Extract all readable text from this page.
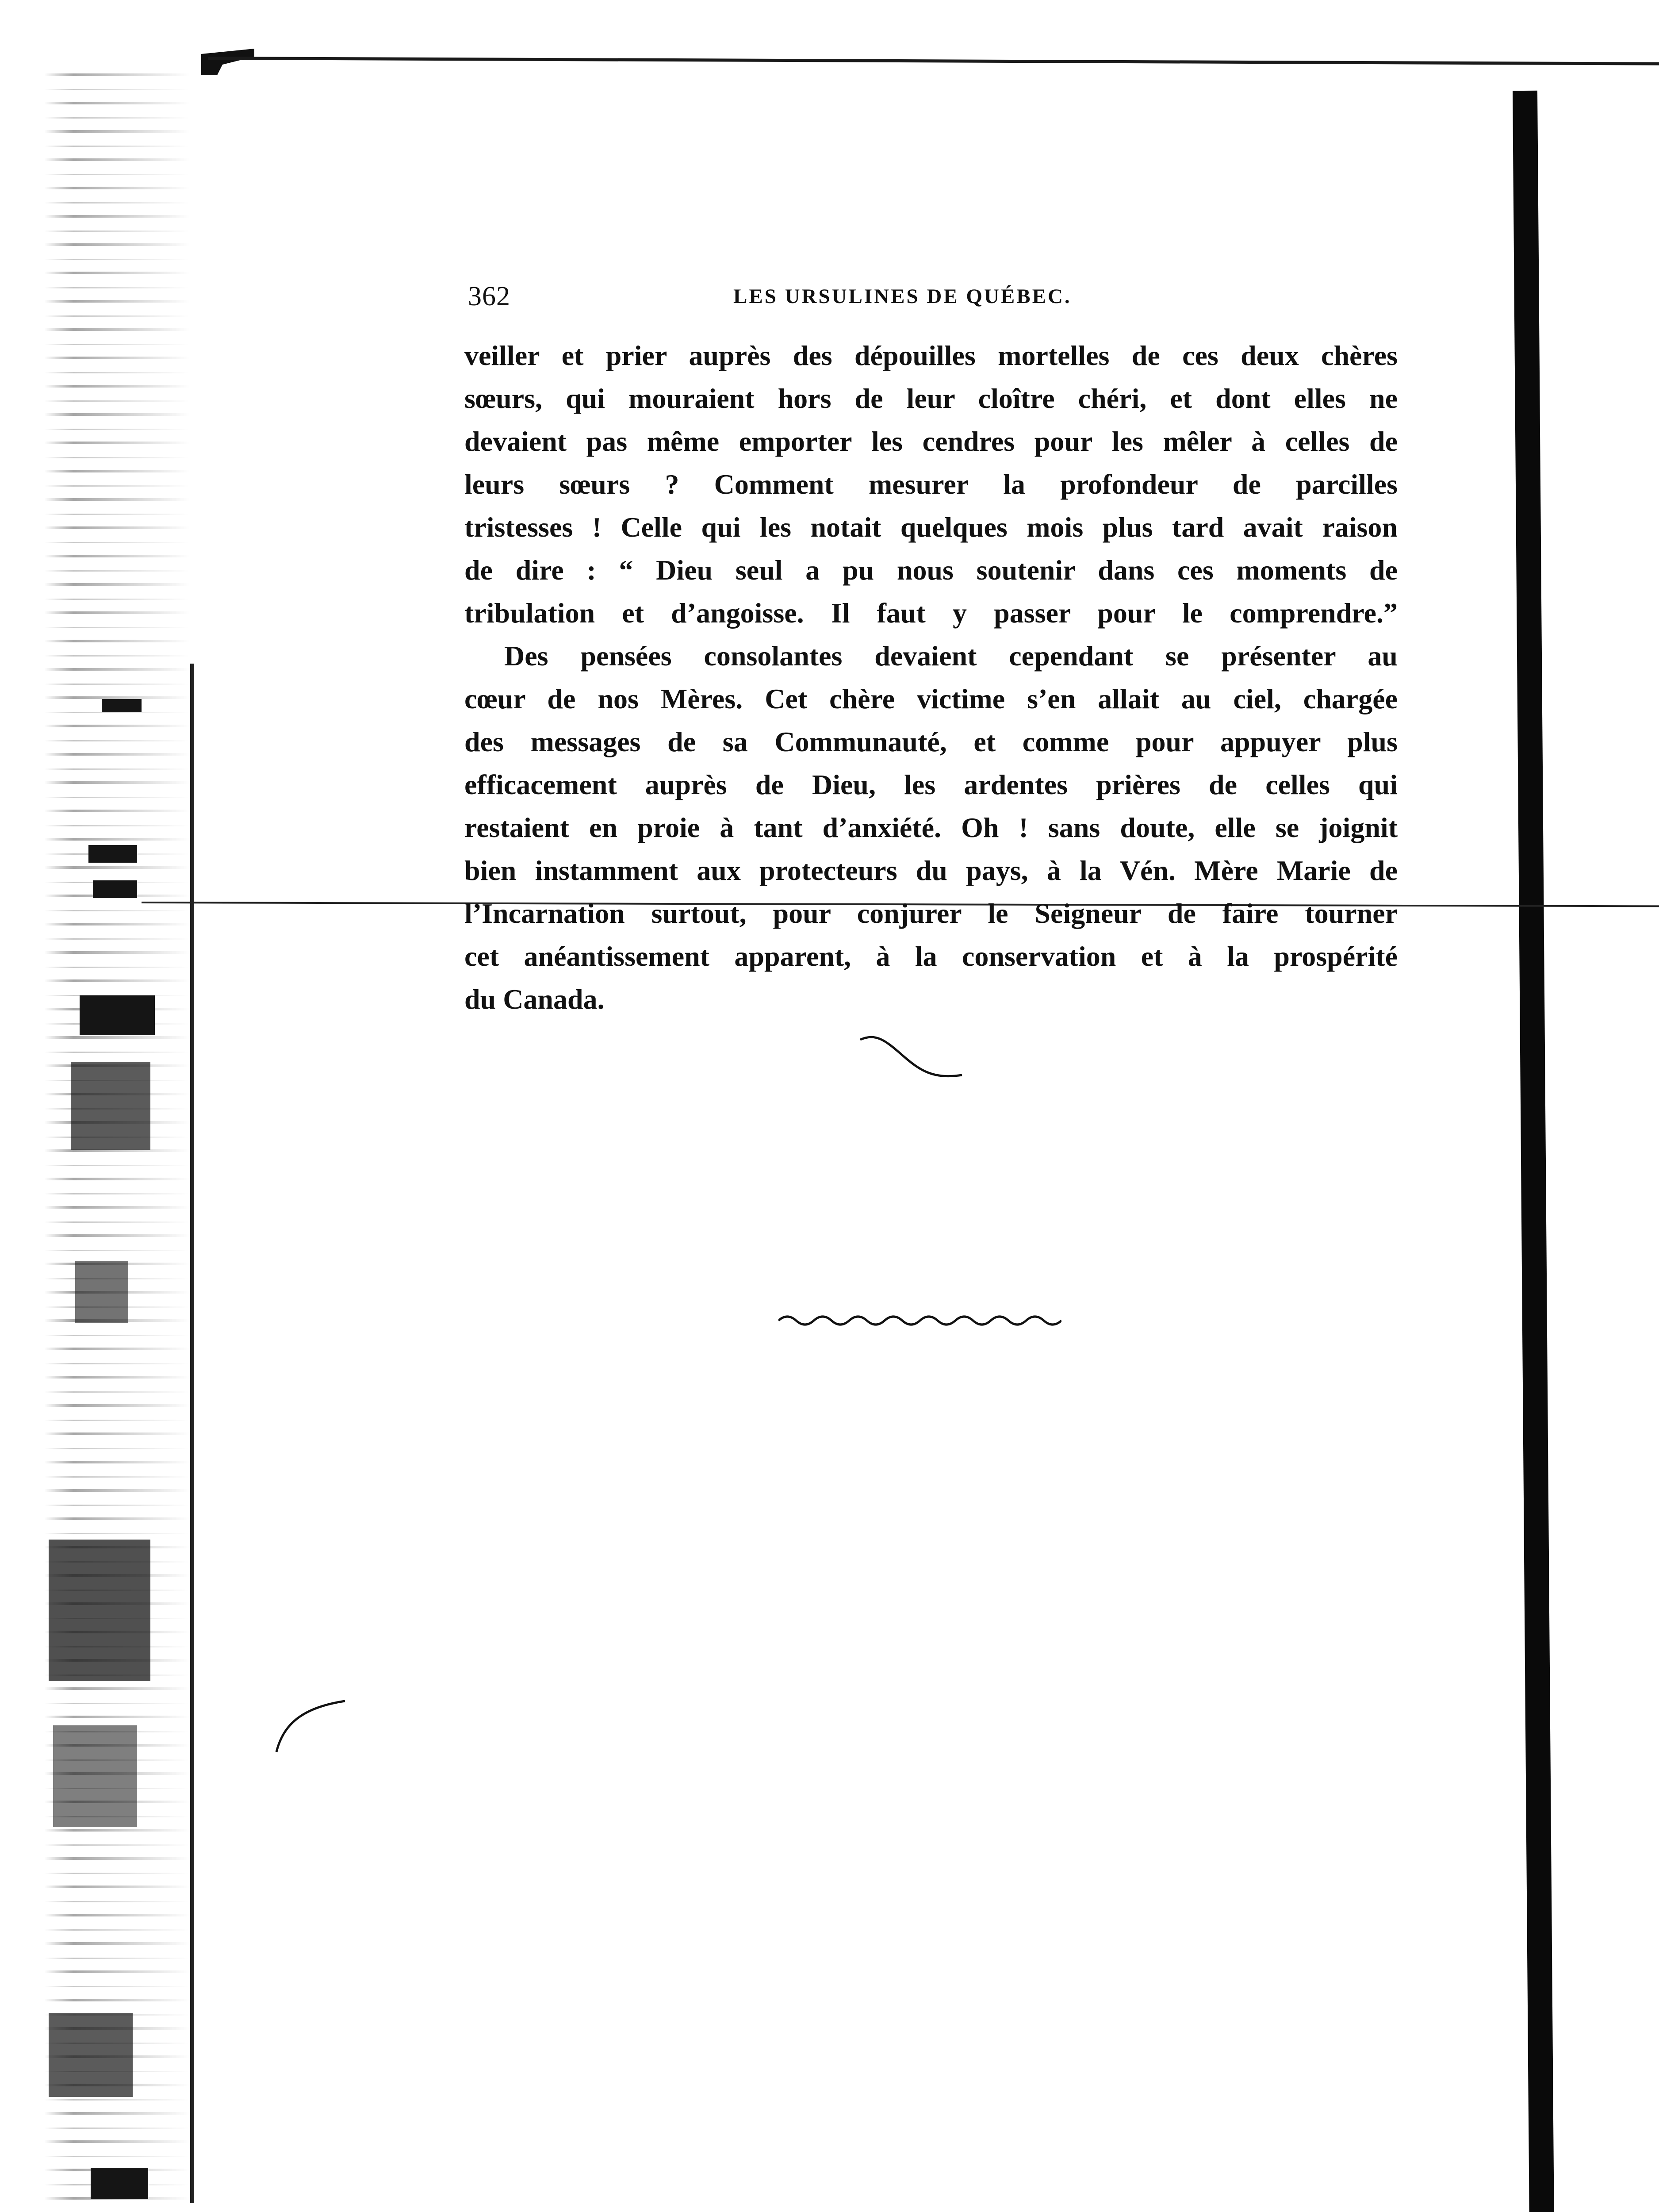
362	LES URSULINES DE QUÉBEC.

veiller et prier auprès des dépouilles mortelles de ces deux chères
sœurs, qui mouraient hors de leur cloître chéri, et dont elles ne
devaient pas même emporter les cendres pour les mêler à celles de
leurs sœurs ? Comment mesurer la profondeur de parcilles
tristesses ! Celle qui les notait quelques mois plus tard avait raison
de dire : “ Dieu seul a pu nous soutenir dans ces moments de
tribulation et d’angoisse. Il faut y passer pour le comprendre.”

Des pensées consolantes devaient cependant se présenter au
cœur de nos Mères. Cet chère victime s’en allait au ciel, chargée
des messages de sa Communauté, et comme pour appuyer plus
efficacement auprès de Dieu, les ardentes prières de celles qui
restaient en proie à tant d’anxiété. Oh ! sans doute, elle se joignit
bien instamment aux protecteurs du pays, à la Vén. Mère Marie de
l’Incarnation surtout, pour conjurer le Seigneur de faire tourner
cet anéantissement apparent, à la conservation et à la prospérité
du Canada.
